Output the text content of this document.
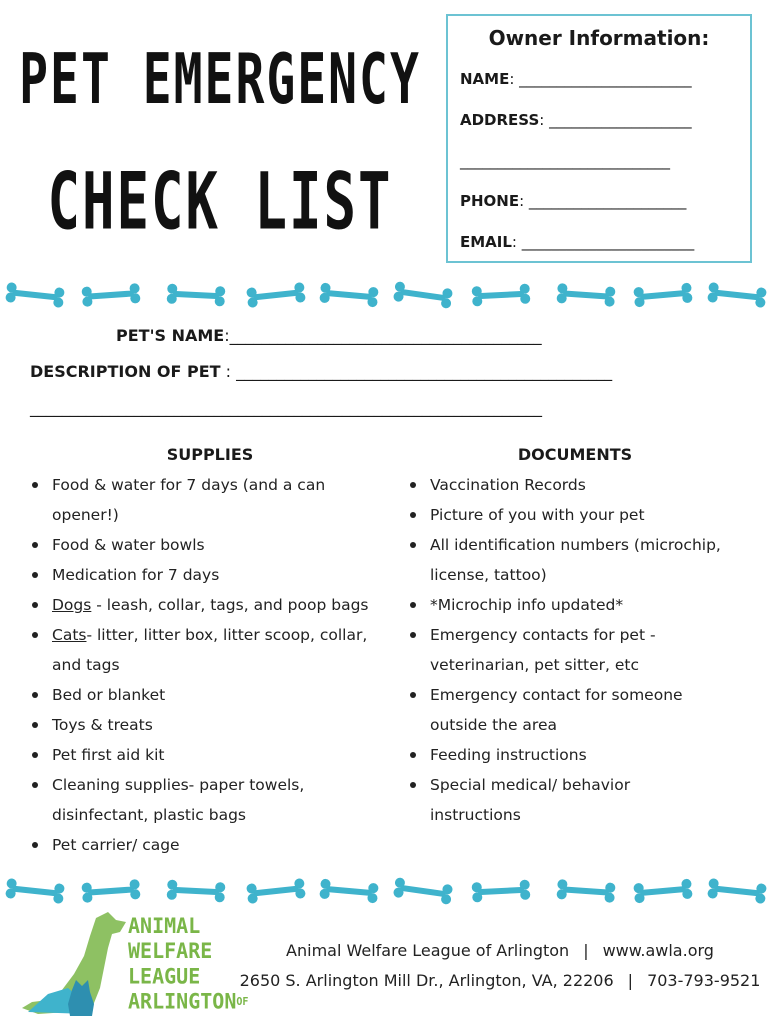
PET EMERGENCY
CHECK LIST
Owner Information:
NAME: _______________________
ADDRESS: ___________________
____________________________
PHONE: _____________________
EMAIL: _______________________
PET'S NAME:_______________________________________
DESCRIPTION OF PET : _______________________________________________
________________________________________________________________
SUPPLIES
Food & water for 7 days (and a can
opener!)
Food & water bowls
Medication for 7 days
Dogs - leash, collar, tags, and poop bags
Cats- litter, litter box, litter scoop, collar,
and tags
Bed or blanket
Toys & treats
Pet first aid kit
Cleaning supplies- paper towels,
disinfectant, plastic bags
Pet carrier/ cage
DOCUMENTS
Vaccination Records
Picture of you with your pet
All identification numbers (microchip,
license, tattoo)
*Microchip info updated*
Emergency contacts for pet -
veterinarian, pet sitter, etc
Emergency contact for someone
outside the area
Feeding instructions
Special medical/ behavior
instructions
ANIMAL
WELFARE
LEAGUE
ARLINGTONOF
Animal Welfare League of Arlington | www.awla.org
2650 S. Arlington Mill Dr., Arlington, VA, 22206 | 703-793-9521
